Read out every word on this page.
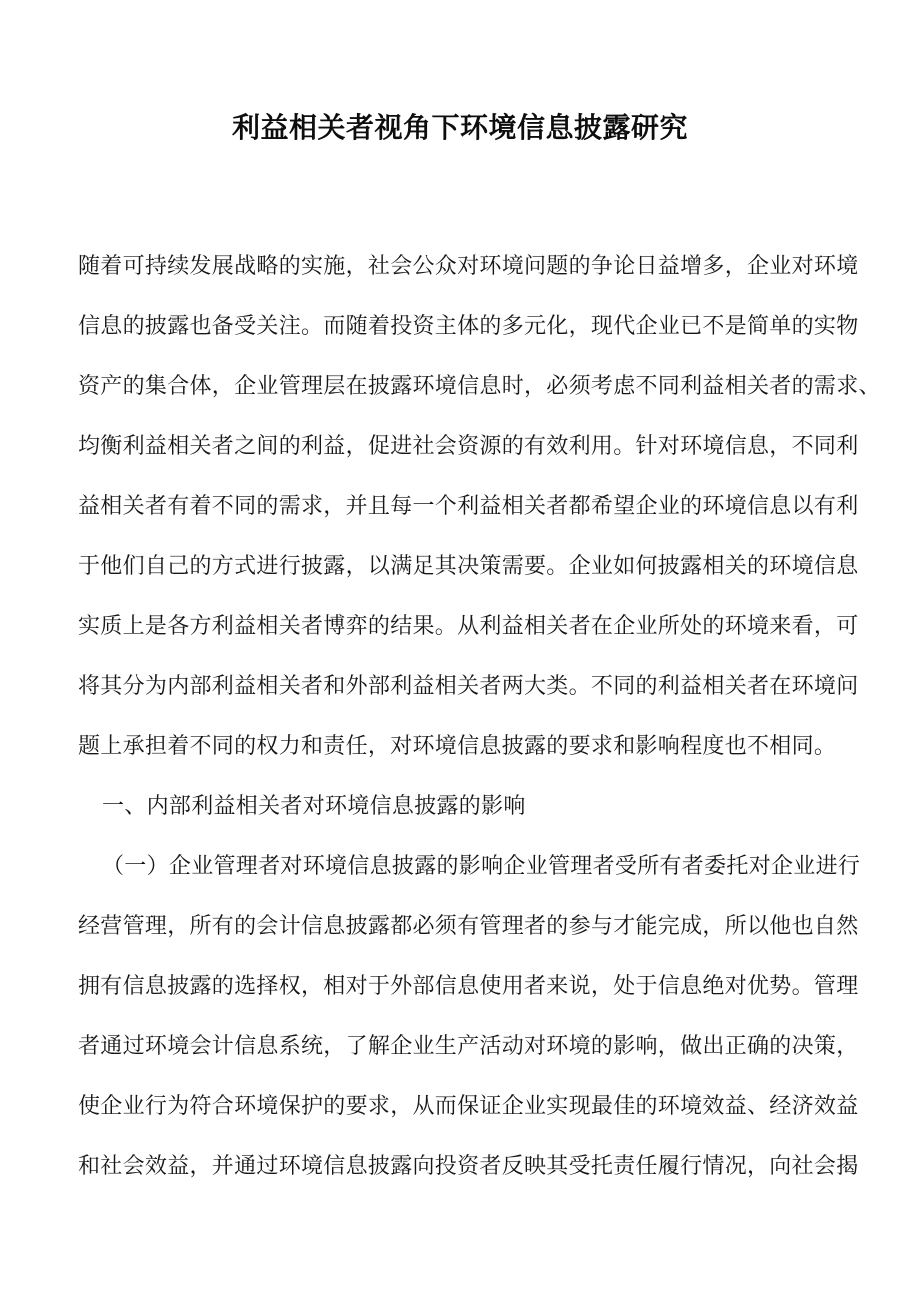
利益相关者视角下环境信息披露研究
随着可持续发展战略的实施，社会公众对环境问题的争论日益增多，企业对环境
信息的披露也备受关注。而随着投资主体的多元化，现代企业已不是简单的实物
资产的集合体，企业管理层在披露环境信息时，必须考虑不同利益相关者的需求、
均衡利益相关者之间的利益，促进社会资源的有效利用。针对环境信息，不同利
益相关者有着不同的需求，并且每一个利益相关者都希望企业的环境信息以有利
于他们自己的方式进行披露，以满足其决策需要。企业如何披露相关的环境信息
实质上是各方利益相关者博弈的结果。从利益相关者在企业所处的环境来看，可
将其分为内部利益相关者和外部利益相关者两大类。不同的利益相关者在环境问
题上承担着不同的权力和责任，对环境信息披露的要求和影响程度也不相同。
一、内部利益相关者对环境信息披露的影响
（一）企业管理者对环境信息披露的影响企业管理者受所有者委托对企业进行
经营管理，所有的会计信息披露都必须有管理者的参与才能完成，所以他也自然
拥有信息披露的选择权，相对于外部信息使用者来说，处于信息绝对优势。管理
者通过环境会计信息系统，了解企业生产活动对环境的影响，做出正确的决策，
使企业行为符合环境保护的要求，从而保证企业实现最佳的环境效益、经济效益
和社会效益，并通过环境信息披露向投资者反映其受托责任履行情况，向社会揭
